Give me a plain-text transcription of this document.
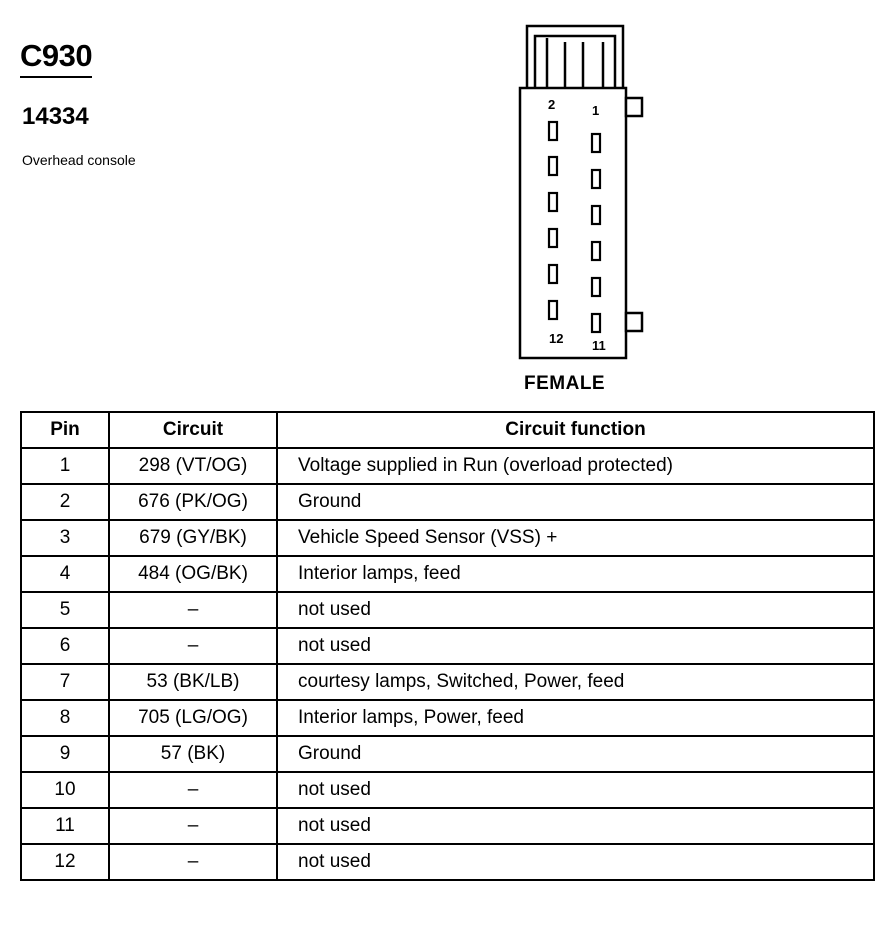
C930
14334
Overhead console
2	1
12 11
FEMALE
Pin	Circuit	Circuit function
1	298 (VT/OG)	Voltage supplied in Run (overload protected)
2	676 (PK/OG)	Ground
3	679 (GY/BK)	Vehicle Speed Sensor (VSS) +
4	484 (OG/BK)	Interior lamps, feed
5	–	not used
6	–	not used
7	53 (BK/LB)	courtesy lamps, Switched, Power, feed
8	705 (LG/OG)	Interior lamps, Power, feed
9	57 (BK)	Ground
10	–	not used
11	–	not used
12	–	not used
